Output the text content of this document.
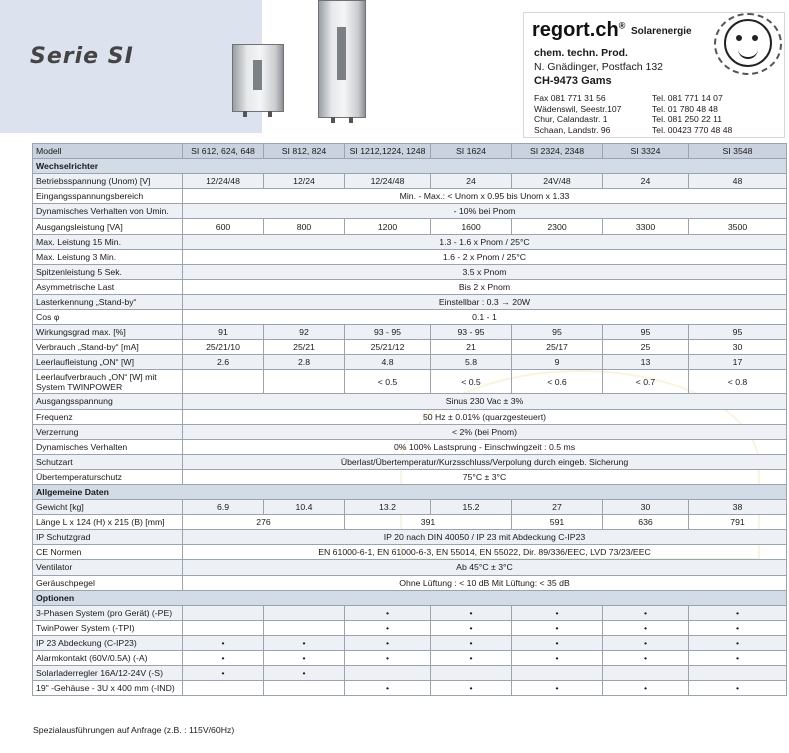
Serie SI
regort.ch®
Solarenergie
chem. techn. Prod.
N. Gnädinger, Postfach 132
CH-9473 Gams
Fax 081 771 31 56	Tel. 081 771 14 07
Wädenswil, Seestr.107	Tel. 01 780 48 48
Chur, Calandastr. 1	Tel. 081 250 22 11
Schaan, Landstr. 96	Tel. 00423 770 48 48
Modell	SI 612, 624, 648	SI 812, 824	SI 1212,1224, 1248	SI 1624	SI 2324, 2348	SI 3324	SI 3548
Wechselrichter							
Betriebsspannung (Unom) [V]	12/24/48	12/24	12/24/48	24	24V/48	24	48
Eingangsspannungsbereich	Min. - Max.: < Unom x 0.95 bis Unom x 1.33						
Dynamisches Verhalten von Umin.	- 10% bei Pnom						
Ausgangsleistung [VA]	600	800	1200	1600	2300	3300	3500
Max. Leistung 15 Min.	1.3 - 1.6 x Pnom / 25°C						
Max. Leistung 3 Min.	1.6 - 2 x Pnom / 25°C						
Spitzenleistung 5 Sek.	3.5 x Pnom						
Asymmetrische Last	Bis 2 x Pnom						
Lasterkennung „Stand-by“	Einstellbar : 0.3 → 20W						
Cos φ	0.1 - 1						
Wirkungsgrad max. [%]	91	92	93 - 95	93 - 95	95	95	95
Verbrauch „Stand-by“ [mA]	25/21/10	25/21	25/21/12	21	25/17	25	30
Leerlaufleistung „ON“ [W]	2.6	2.8	4.8	5.8	9	13	17
Leerlaufverbrauch „ON“ [W] mit
System TWINPOWER			< 0.5	< 0.5	< 0.6	< 0.7	< 0.8
Ausgangsspannung	Sinus 230 Vac ± 3%						
Frequenz	50 Hz ± 0.01% (quarzgesteuert)						
Verzerrung	< 2% (bei Pnom)						
Dynamisches Verhalten	0% 100% Lastsprung - Einschwingzeit : 0.5 ms						
Schutzart	Überlast/Übertemperatur/Kurzsschluss/Verpolung durch eingeb. Sicherung						
Übertemperaturschutz	75°C ± 3°C						
Allgemeine Daten							
Gewicht [kg]	6.9	10.4	13.2	15.2	27	30	38
Länge L x 124 (H) x 215 (B) [mm]	276		391		591	636	791
IP Schutzgrad	IP 20 nach DIN 40050 / IP 23 mit Abdeckung C-IP23						
CE Normen	EN 61000-6-1, EN 61000-6-3, EN 55014, EN 55022, Dir. 89/336/EEC, LVD 73/23/EEC						
Ventilator	Ab 45°C ± 3°C						
Geräuschpegel	Ohne Lüftung : < 10 dB Mit Lüftung: < 35 dB						
Optionen							
3-Phasen System (pro Gerät) (-PE)			•	•	•	•	•
TwinPower System (-TPI)			•	•	•	•	•
IP 23 Abdeckung (C-IP23)	•	•	•	•	•	•	•
Alarmkontakt (60V/0.5A) (-A)	•	•	•	•	•	•	•
Solarladerregler 16A/12-24V (-S)	•	•					
19" -Gehäuse - 3U x 400 mm (-IND)			•	•	•	•	•
Spezialausführungen auf Anfrage (z.B. : 115V/60Hz)
